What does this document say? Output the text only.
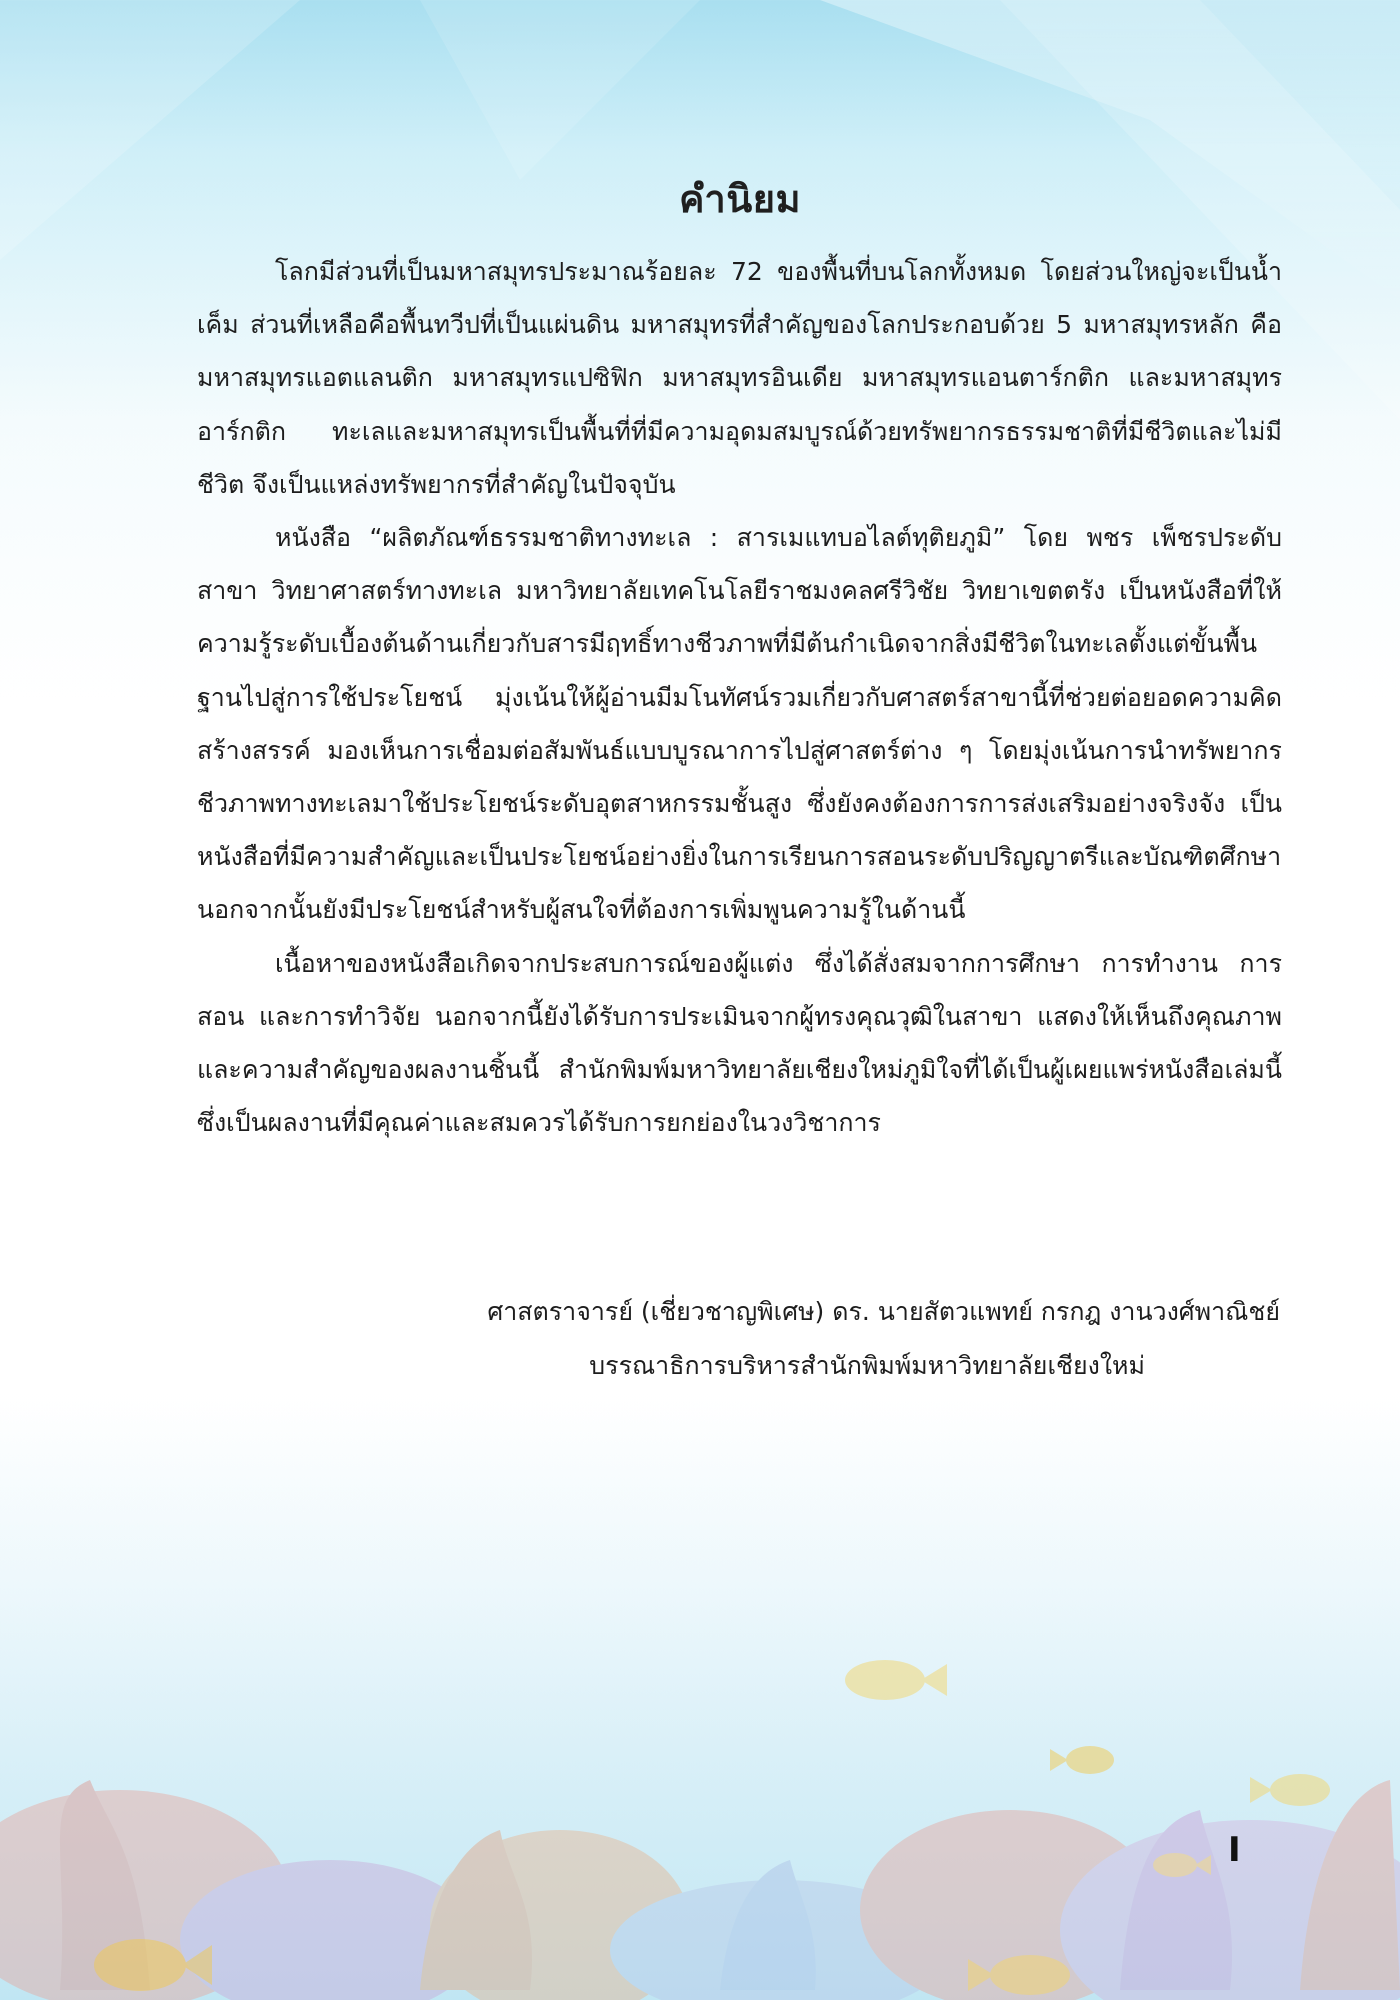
คำนิยม

โลกมีส่วนที่เป็นมหาสมุทรประมาณร้อยละ 72 ของพื้นที่บนโลกทั้งหมด โดยส่วนใหญ่จะเป็นน้ำเค็ม ส่วนที่เหลือคือพื้นทวีปที่เป็นแผ่นดิน มหาสมุทรที่สำคัญของโลกประกอบด้วย 5 มหาสมุทรหลัก คือ มหาสมุทรแอตแลนติก มหาสมุทรแปซิฟิก มหาสมุทรอินเดีย มหาสมุทรแอนตาร์กติก และมหาสมุทรอาร์กติก ทะเลและมหาสมุทรเป็นพื้นที่ที่มีความอุดมสมบูรณ์ด้วยทรัพยากรธรรมชาติที่มีชีวิตและไม่มีชีวิต จึงเป็นแหล่งทรัพยากรที่สำคัญในปัจจุบัน

หนังสือ “ผลิตภัณฑ์ธรรมชาติทางทะเล : สารเมแทบอไลต์ทุติยภูมิ” โดย พชร เพ็ชรประดับ สาขา วิทยาศาสตร์ทางทะเล มหาวิทยาลัยเทคโนโลยีราชมงคลศรีวิชัย วิทยาเขตตรัง เป็นหนังสือที่ให้ความรู้ระดับเบื้องต้นด้านเกี่ยวกับสารมีฤทธิ์ทางชีวภาพที่มีต้นกำเนิดจากสิ่งมีชีวิตในทะเลตั้งแต่ขั้นพื้นฐานไปสู่การใช้ประโยชน์ มุ่งเน้นให้ผู้อ่านมีมโนทัศน์รวมเกี่ยวกับศาสตร์สาขานี้ที่ช่วยต่อยอดความคิดสร้างสรรค์ มองเห็นการเชื่อมต่อสัมพันธ์แบบบูรณาการไปสู่ศาสตร์ต่าง ๆ โดยมุ่งเน้นการนำทรัพยากรชีวภาพทางทะเลมาใช้ประโยชน์ระดับอุตสาหกรรมชั้นสูง ซึ่งยังคงต้องการการส่งเสริมอย่างจริงจัง เป็นหนังสือที่มีความสำคัญและเป็นประโยชน์อย่างยิ่งในการเรียนการสอนระดับปริญญาตรีและบัณฑิตศึกษา นอกจากนั้นยังมีประโยชน์สำหรับผู้สนใจที่ต้องการเพิ่มพูนความรู้ในด้านนี้

เนื้อหาของหนังสือเกิดจากประสบการณ์ของผู้แต่ง ซึ่งได้สั่งสมจากการศึกษา การทำงาน การสอน และการทำวิจัย นอกจากนี้ยังได้รับการประเมินจากผู้ทรงคุณวุฒิในสาขา แสดงให้เห็นถึงคุณภาพและความสำคัญของผลงานชิ้นนี้ สำนักพิมพ์มหาวิทยาลัยเชียงใหม่ภูมิใจที่ได้เป็นผู้เผยแพร่หนังสือเล่มนี้ ซึ่งเป็นผลงานที่มีคุณค่าและสมควรได้รับการยกย่องในวงวิชาการ

ศาสตราจารย์ (เชี่ยวชาญพิเศษ) ดร. นายสัตวแพทย์ กรกฎ งานวงศ์พาณิชย์
บรรณาธิการบริหารสำนักพิมพ์มหาวิทยาลัยเชียงใหม่
I
